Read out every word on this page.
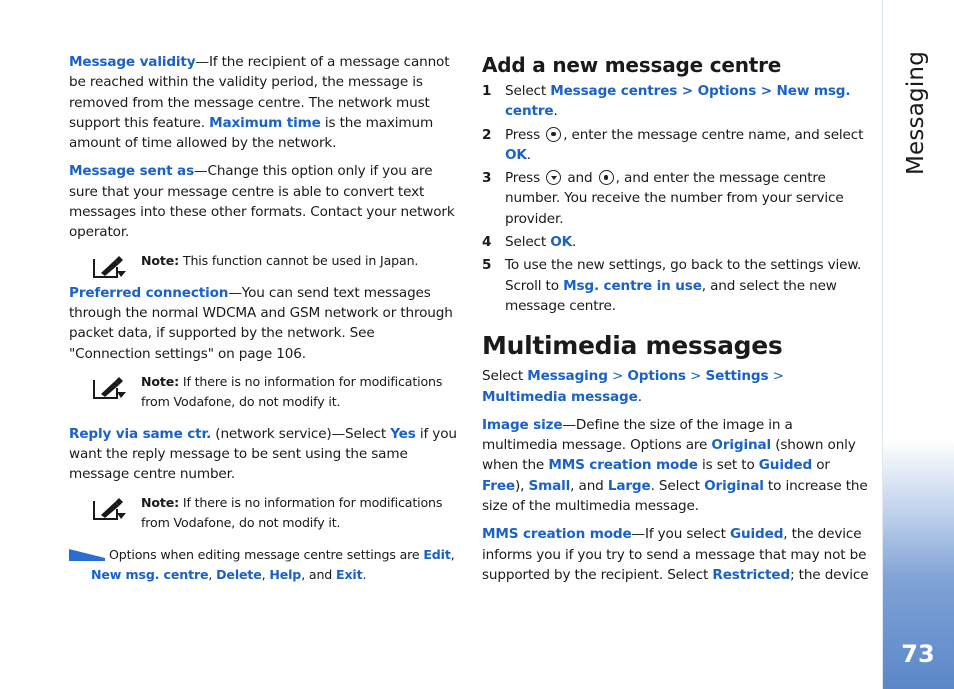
Message validity—If the recipient of a message cannot be reached within the validity period, the message is removed from the message centre. The network must support this feature. Maximum time is the maximum amount of time allowed by the network.

Message sent as—Change this option only if you are sure that your message centre is able to convert text messages into these other formats. Contact your network operator.

Note: This function cannot be used in Japan.

Preferred connection—You can send text messages through the normal WDCMA and GSM network or through packet data, if supported by the network. See "Connection settings" on page 106.

Note: If there is no information for modifications from Vodafone, do not modify it.

Reply via same ctr. (network service)—Select Yes if you want the reply message to be sent using the same message centre number.

Note: If there is no information for modifications from Vodafone, do not modify it.
Options when editing message centre settings are Edit, New msg. centre, Delete, Help, and Exit.
Add a new message centre
1 Select Message centres > Options > New msg. centre.
2 Press , enter the message centre name, and select OK.
3 Press  and , and enter the message centre number. You receive the number from your service provider.
4 Select OK.
5 To use the new settings, go back to the settings view. Scroll to Msg. centre in use, and select the new message centre.
Multimedia messages

Select Messaging > Options > Settings > Multimedia message.

Image size—Define the size of the image in a multimedia message. Options are Original (shown only when the MMS creation mode is set to Guided or Free), Small, and Large. Select Original to increase the size of the multimedia message.

MMS creation mode—If you select Guided, the device informs you if you try to send a message that may not be supported by the recipient. Select Restricted; the device

Messaging
73
